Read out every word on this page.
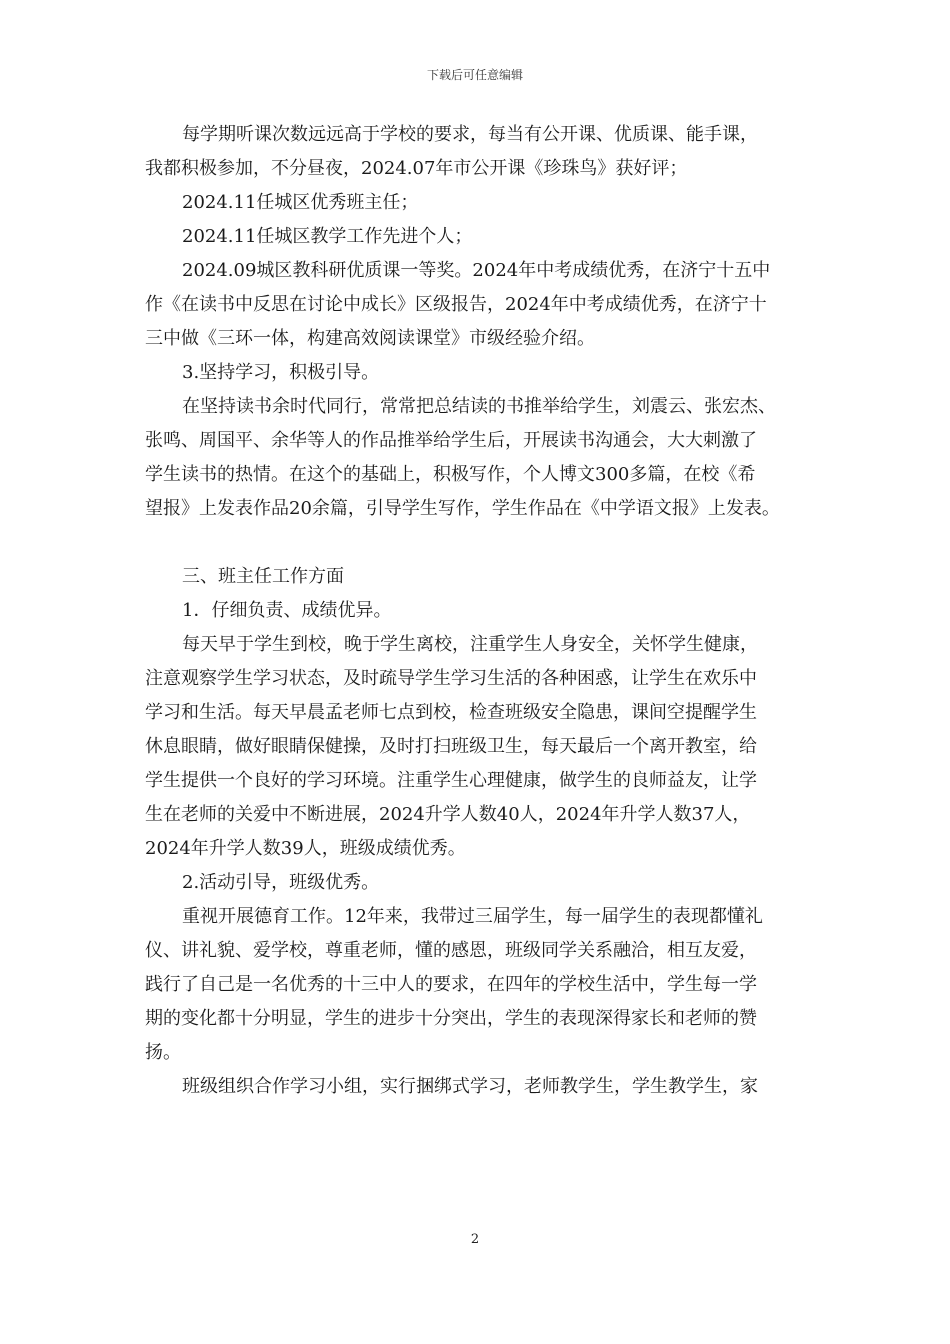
下载后可任意编辑
每学期听课次数远远高于学校的要求，每当有公开课、优质课、能手课，
我都积极参加，不分昼夜，2024.07年市公开课《珍珠鸟》获好评；
2024.11任城区优秀班主任；
2024.11任城区教学工作先进个人；
2024.09城区教科研优质课一等奖。2024年中考成绩优秀，在济宁十五中
作《在读书中反思在讨论中成长》区级报告，2024年中考成绩优秀，在济宁十
三中做《三环一体，构建高效阅读课堂》市级经验介绍。
3.坚持学习，积极引导。
在坚持读书余时代同行，常常把总结读的书推举给学生，刘震云、张宏杰、
张鸣、周国平、余华等人的作品推举给学生后，开展读书沟通会，大大刺激了
学生读书的热情。在这个的基础上，积极写作，个人博文300多篇，在校《希
望报》上发表作品20余篇，引导学生写作，学生作品在《中学语文报》上发表。
三、班主任工作方面
1．仔细负责、成绩优异。
每天早于学生到校，晚于学生离校，注重学生人身安全，关怀学生健康，
注意观察学生学习状态，及时疏导学生学习生活的各种困惑，让学生在欢乐中
学习和生活。每天早晨孟老师七点到校，检查班级安全隐患，课间空提醒学生
休息眼睛，做好眼睛保健操，及时打扫班级卫生，每天最后一个离开教室，给
学生提供一个良好的学习环境。注重学生心理健康，做学生的良师益友，让学
生在老师的关爱中不断进展，2024升学人数40人，2024年升学人数37人，
2024年升学人数39人，班级成绩优秀。
2.活动引导，班级优秀。
重视开展德育工作。12年来，我带过三届学生，每一届学生的表现都懂礼
仪、讲礼貌、爱学校，尊重老师，懂的感恩，班级同学关系融洽，相互友爱，
践行了自己是一名优秀的十三中人的要求，在四年的学校生活中，学生每一学
期的变化都十分明显，学生的进步十分突出，学生的表现深得家长和老师的赞
扬。
班级组织合作学习小组，实行捆绑式学习，老师教学生，学生教学生，家
2
